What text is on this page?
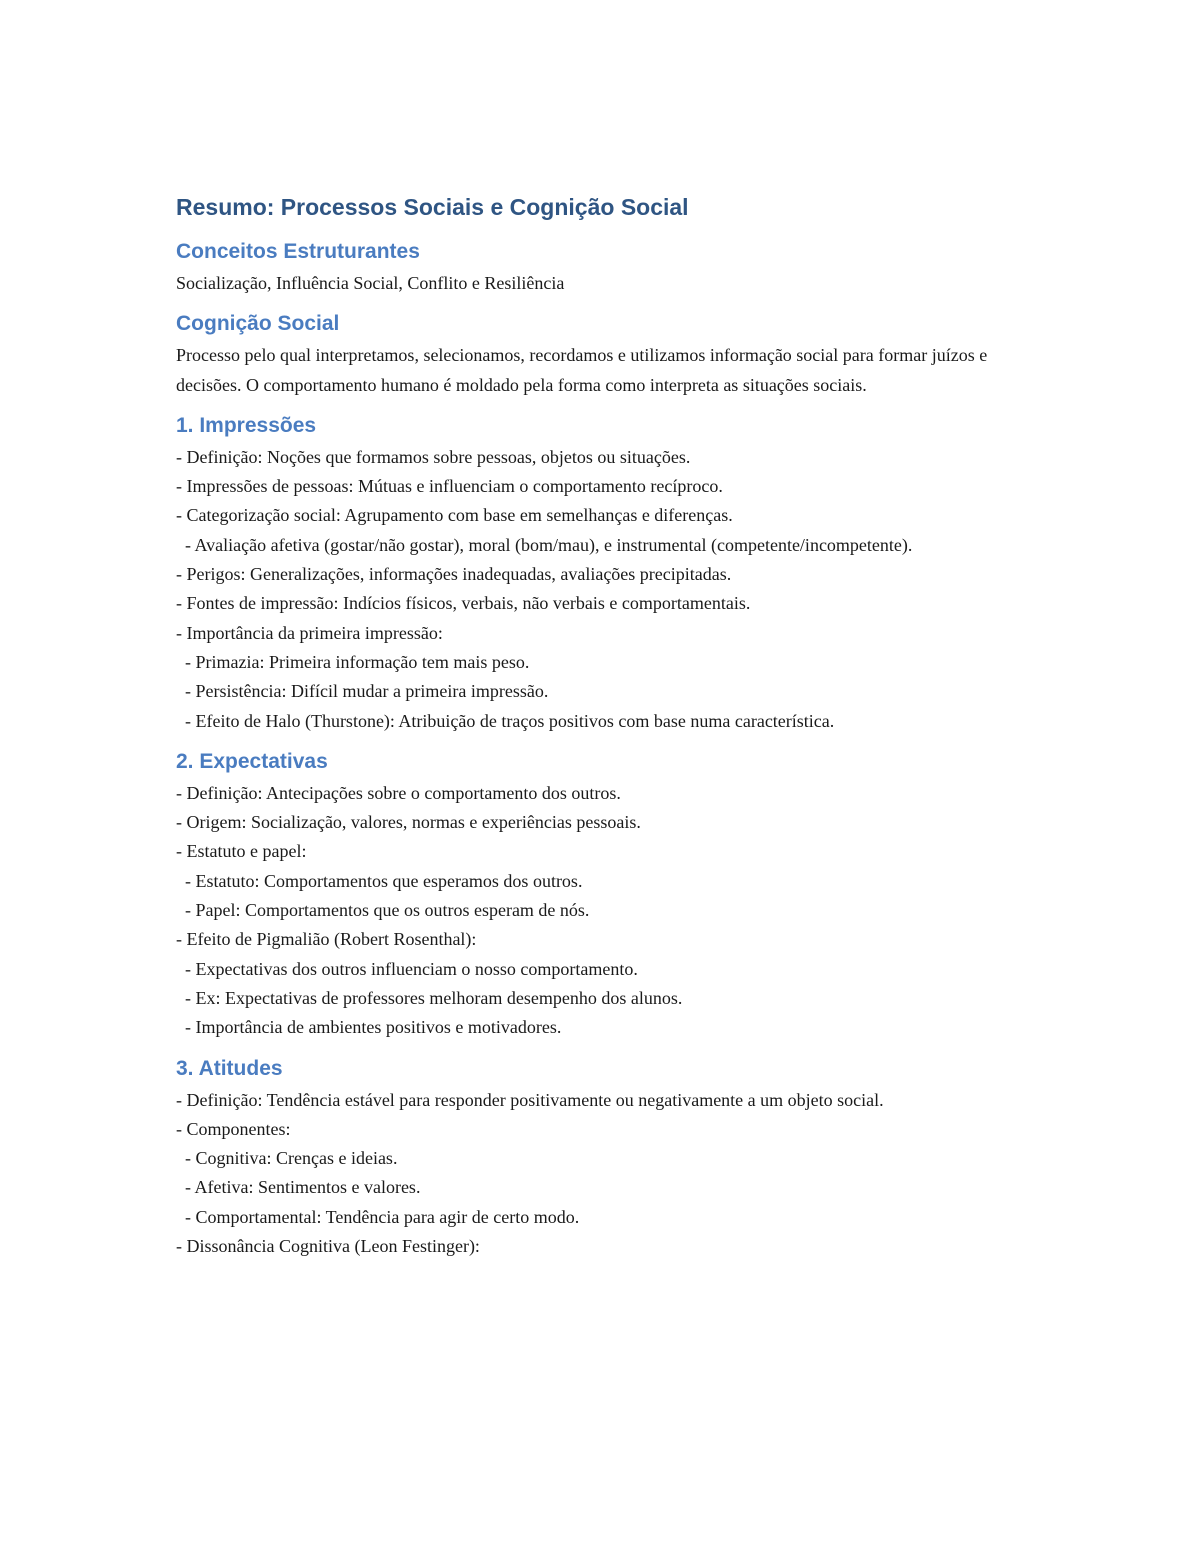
Resumo: Processos Sociais e Cognição Social
Conceitos Estruturantes

Socialização, Influência Social, Conflito e Resiliência

Cognição Social

Processo pelo qual interpretamos, selecionamos, recordamos e utilizamos informação social para formar juízos e decisões. O comportamento humano é moldado pela forma como interpreta as situações sociais.

1. Impressões

- Definição: Noções que formamos sobre pessoas, objetos ou situações.

- Impressões de pessoas: Mútuas e influenciam o comportamento recíproco.

- Categorização social: Agrupamento com base em semelhanças e diferenças.

- Avaliação afetiva (gostar/não gostar), moral (bom/mau), e instrumental (competente/incompetente).

- Perigos: Generalizações, informações inadequadas, avaliações precipitadas.

- Fontes de impressão: Indícios físicos, verbais, não verbais e comportamentais.

- Importância da primeira impressão:

- Primazia: Primeira informação tem mais peso.

- Persistência: Difícil mudar a primeira impressão.

- Efeito de Halo (Thurstone): Atribuição de traços positivos com base numa característica.

2. Expectativas

- Definição: Antecipações sobre o comportamento dos outros.

- Origem: Socialização, valores, normas e experiências pessoais.

- Estatuto e papel:

- Estatuto: Comportamentos que esperamos dos outros.

- Papel: Comportamentos que os outros esperam de nós.

- Efeito de Pigmalião (Robert Rosenthal):

- Expectativas dos outros influenciam o nosso comportamento.

- Ex: Expectativas de professores melhoram desempenho dos alunos.

- Importância de ambientes positivos e motivadores.

3. Atitudes

- Definição: Tendência estável para responder positivamente ou negativamente a um objeto social.

- Componentes:

- Cognitiva: Crenças e ideias.

- Afetiva: Sentimentos e valores.

- Comportamental: Tendência para agir de certo modo.

- Dissonância Cognitiva (Leon Festinger):
